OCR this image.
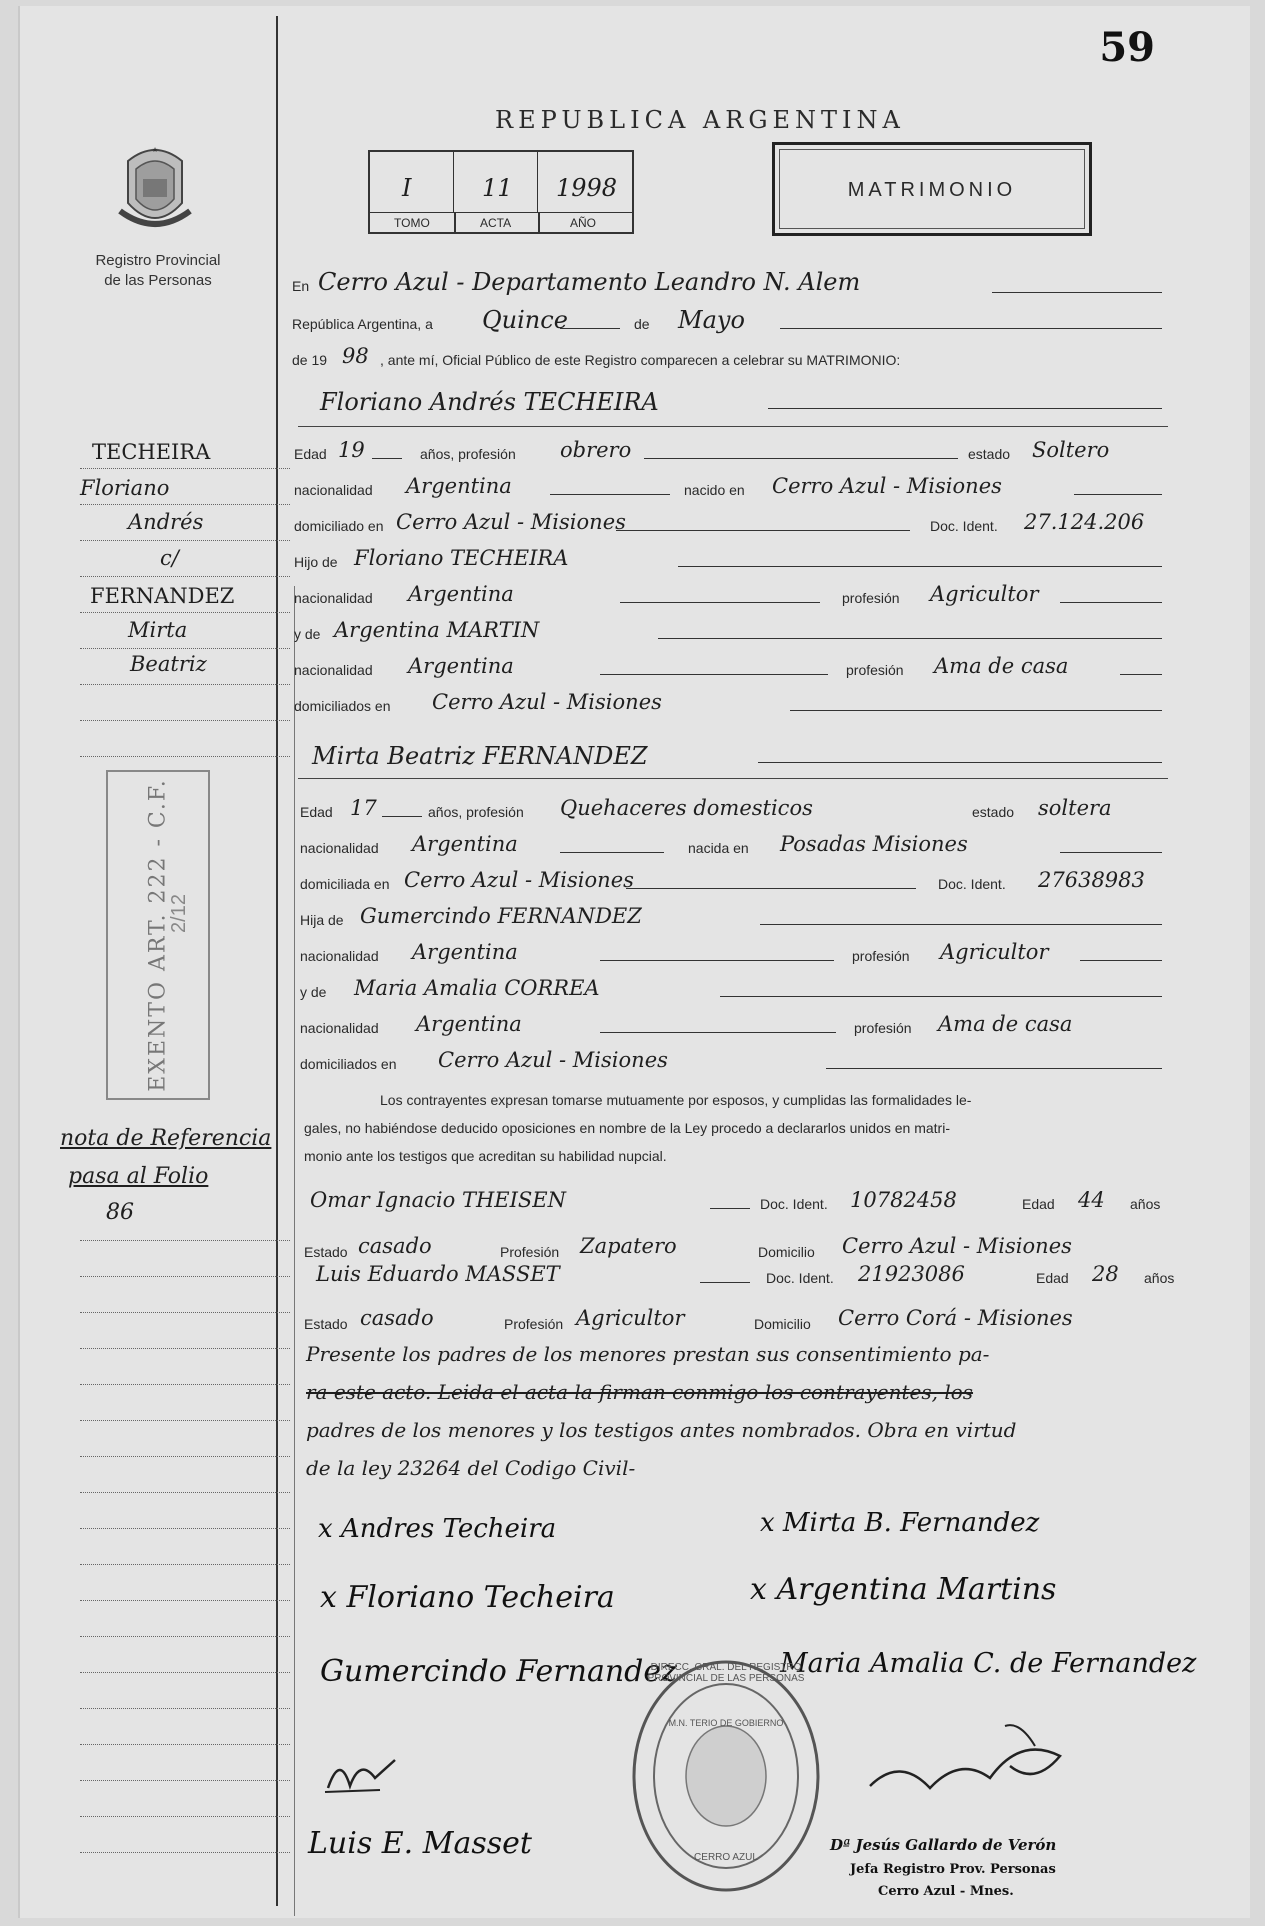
59
REPUBLICA ARGENTINA
★
Registro Provincial
de las Personas
I	11 1998
TOMO	ACTA	AÑO
MATRIMONIO
En Cerro Azul - Departamento Leandro N. Alem
República Argentina, a Quince	de Mayo
de 19 98 , ante mí, Oficial Público de este Registro comparecen a celebrar su MATRIMONIO:
Floriano Andrés TECHEIRA
Edad 19	años, profesión obrero	estado Soltero
nacionalidad Argentina	nacido en Cerro Azul - Misiones
domiciliado en Cerro Azul - Misiones	Doc. Ident. 27.124.206
Hijo de Floriano TECHEIRA
nacionalidad Argentina	profesión Agricultor
y de Argentina MARTIN
nacionalidad Argentina	profesión Ama de casa
domiciliados en Cerro Azul - Misiones
Mirta Beatriz FERNANDEZ
Edad 17	años, profesión Quehaceres domesticos	estado soltera
nacionalidad Argentina	nacida en Posadas Misiones
domiciliada en Cerro Azul - Misiones	Doc. Ident. 27638983
Hija de Gumercindo FERNANDEZ
nacionalidad Argentina	profesión Agricultor
y de Maria Amalia CORREA
nacionalidad Argentina	profesión Ama de casa
domiciliados en Cerro Azul - Misiones
Los contrayentes expresan tomarse mutuamente por esposos, y cumplidas las formalidades le-
gales, no habiéndose deducido oposiciones en nombre de la Ley procedo a declararlos unidos en matri-
monio ante los testigos que acreditan su habilidad nupcial.
Omar Ignacio THEISEN	Doc. Ident. 10782458	Edad 44 años
Estado casado	Profesión Zapatero	Domicilio Cerro Azul - Misiones
Luis Eduardo MASSET	Doc. Ident. 21923086	Edad 28 años
Estado casado	Profesión Agricultor	Domicilio Cerro Corá - Misiones
Presente los padres de los menores prestan sus consentimiento pa-
ra este acto. Leida el acta la firman conmigo los contrayentes, los
padres de los menores y los testigos antes nombrados. Obra en virtud
de la ley 23264 del Codigo Civil-
x Andres Techeira	x Mirta B. Fernandez
x Floriano Techeira	x Argentina Martins
Gumercindo Fernandez	Maria Amalia C. de Fernandez
Luis E. Masset
DIRECC. GRAL. DEL REGISTRO PROVINCIAL DE LAS PERSONAS
M.N. TERIO DE GOBIERNO
CERRO AZUL
Dª Jesús Gallardo de Verón
Jefa Registro Prov. Personas
Cerro Azul - Mnes.
TECHEIRA
Floriano
Andrés
c/
FERNANDEZ
Mirta
Beatriz
EXENTO ART. 222 - C.F.
2/12
nota de Referencia
pasa al Folio
86
